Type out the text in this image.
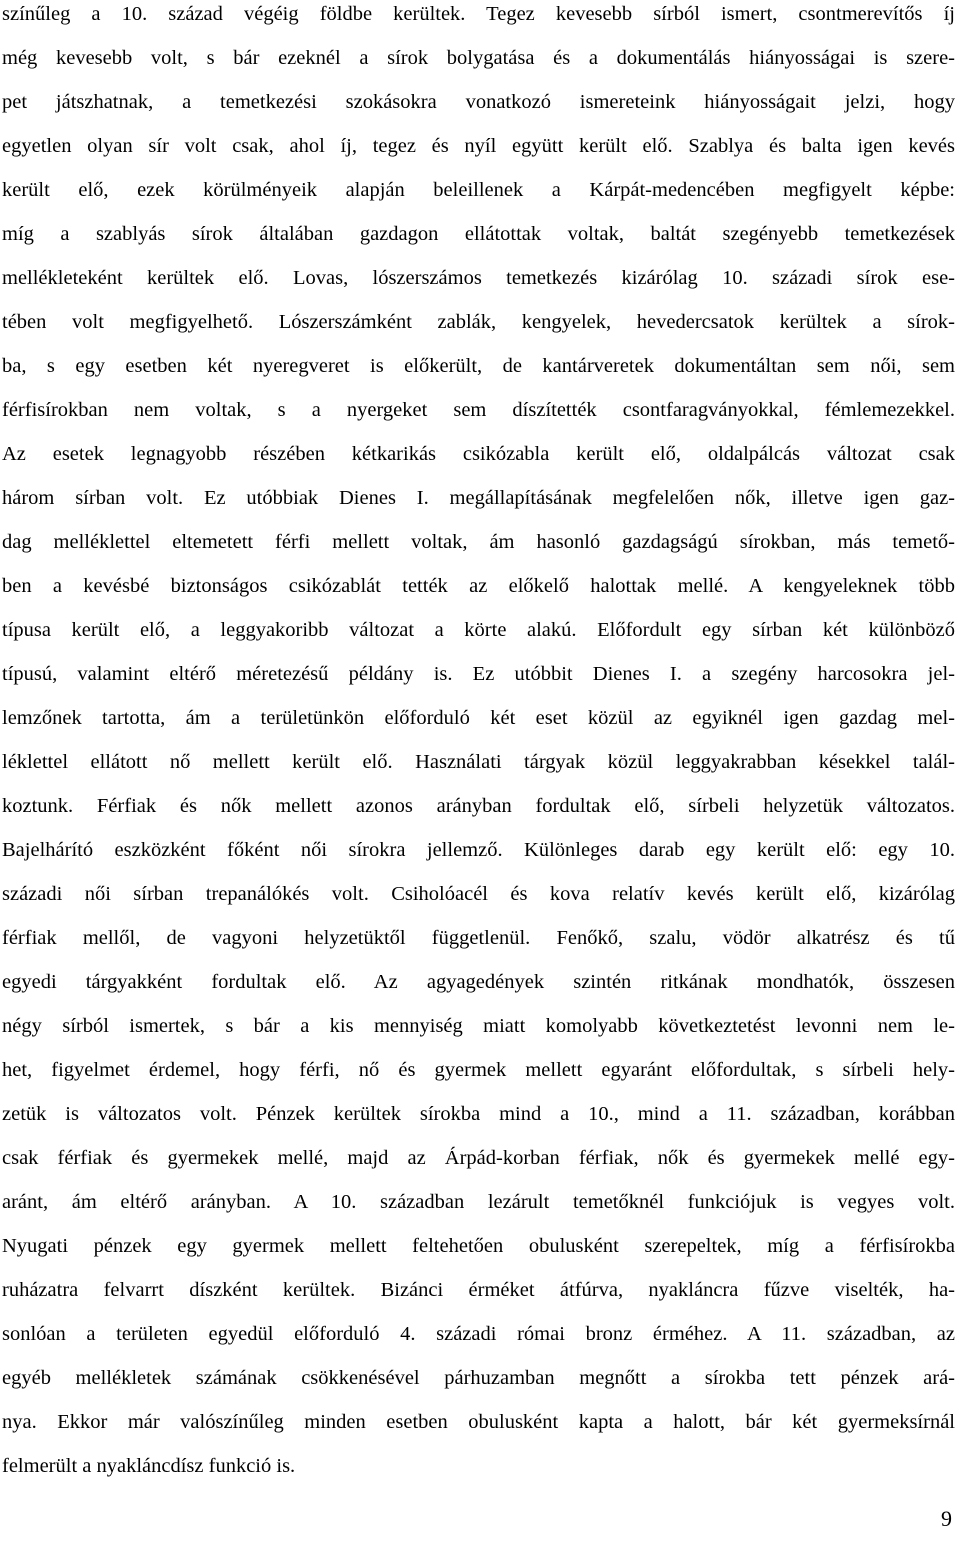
színűleg a 10. század végéig földbe kerültek. Tegez kevesebb sírból ismert, csontmerevítős íj
még kevesebb volt, s bár ezeknél a sírok bolygatása és a dokumentálás hiányosságai is szere-
pet játszhatnak, a temetkezési szokásokra vonatkozó ismereteink hiányosságait jelzi, hogy
egyetlen olyan sír volt csak, ahol íj, tegez és nyíl együtt került elő. Szablya és balta igen kevés
került elő, ezek körülményeik alapján beleillenek a Kárpát-medencében megfigyelt képbe:
míg a szablyás sírok általában gazdagon ellátottak voltak, baltát szegényebb temetkezések
mellékleteként kerültek elő. Lovas, lószerszámos temetkezés kizárólag 10. századi sírok ese-
tében volt megfigyelhető. Lószerszámként zablák, kengyelek, hevedercsatok kerültek a sírok-
ba, s egy esetben két nyeregveret is előkerült, de kantárveretek dokumentáltan sem női, sem
férfisírokban nem voltak, s a nyergeket sem díszítették csontfaragványokkal, fémlemezekkel.
Az esetek legnagyobb részében kétkarikás csikózabla került elő, oldalpálcás változat csak
három sírban volt. Ez utóbbiak Dienes I. megállapításának megfelelően nők, illetve igen gaz-
dag melléklettel eltemetett férfi mellett voltak, ám hasonló gazdagságú sírokban, más temető-
ben a kevésbé biztonságos csikózablát tették az előkelő halottak mellé. A kengyeleknek több
típusa került elő, a leggyakoribb változat a körte alakú. Előfordult egy sírban két különböző
típusú, valamint eltérő méretezésű példány is. Ez utóbbit Dienes I. a szegény harcosokra jel-
lemzőnek tartotta, ám a területünkön előforduló két eset közül az egyiknél igen gazdag mel-
léklettel ellátott nő mellett került elő. Használati tárgyak közül leggyakrabban késekkel talál-
koztunk. Férfiak és nők mellett azonos arányban fordultak elő, sírbeli helyzetük változatos.
Bajelhárító eszközként főként női sírokra jellemző. Különleges darab egy került elő: egy 10.
századi női sírban trepanálókés volt. Csiholóacél és kova relatív kevés került elő, kizárólag
férfiak mellől, de vagyoni helyzetüktől függetlenül. Fenőkő, szalu, vödör alkatrész és tű
egyedi tárgyakként fordultak elő. Az agyagedények szintén ritkának mondhatók, összesen
négy sírból ismertek, s bár a kis mennyiség miatt komolyabb következtetést levonni nem le-
het, figyelmet érdemel, hogy férfi, nő és gyermek mellett egyaránt előfordultak, s sírbeli hely-
zetük is változatos volt. Pénzek kerültek sírokba mind a 10., mind a 11. században, korábban
csak férfiak és gyermekek mellé, majd az Árpád-korban férfiak, nők és gyermekek mellé egy-
aránt, ám eltérő arányban. A 10. században lezárult temetőknél funkciójuk is vegyes volt.
Nyugati pénzek egy gyermek mellett feltehetően obulusként szerepeltek, míg a férfisírokba
ruházatra felvarrt díszként kerültek. Bizánci érméket átfúrva, nyakláncra fűzve viselték, ha-
sonlóan a területen egyedül előforduló 4. századi római bronz érméhez. A 11. században, az
egyéb mellékletek számának csökkenésével párhuzamban megnőtt a sírokba tett pénzek ará-
nya. Ekkor már valószínűleg minden esetben obulusként kapta a halott, bár két gyermeksírnál
felmerült a nyakláncdísz funkció is.
9
